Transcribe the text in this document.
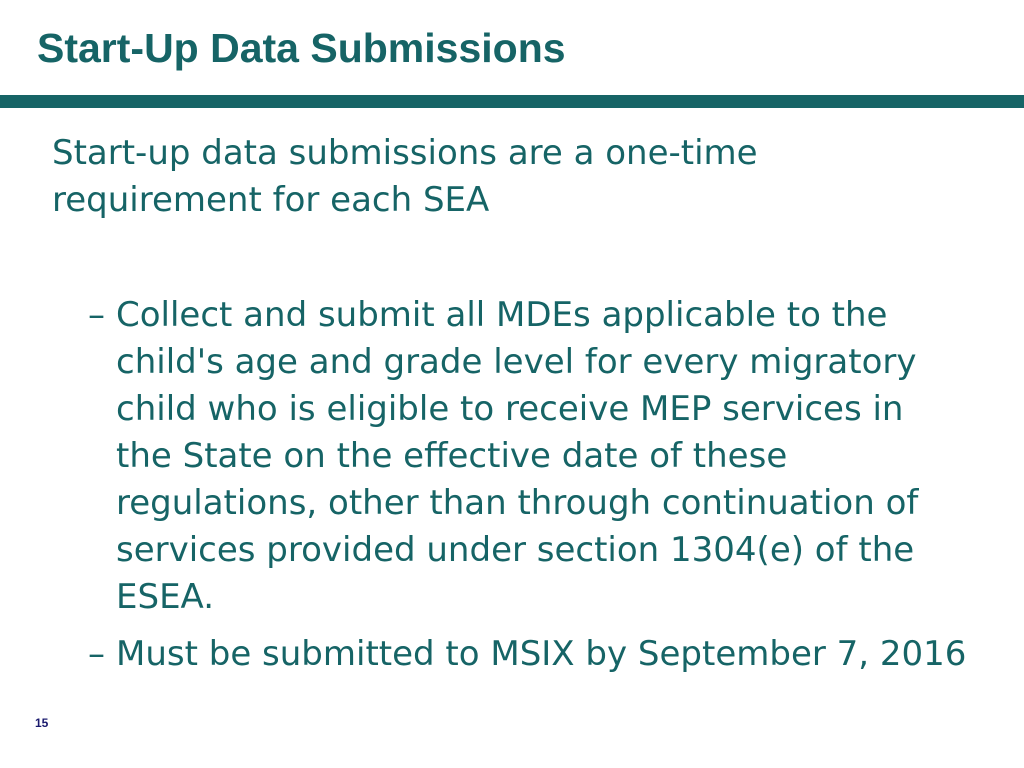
Start-Up Data Submissions

Start-up data submissions are a one-time requirement for each SEA

– Collect and submit all MDEs applicable to the child's age and grade level for every migratory child who is eligible to receive MEP services in the State on the effective date of these regulations, other than through continuation of services provided under section 1304(e) of the ESEA.
– Must be submitted to MSIX by September 7, 2016
15
